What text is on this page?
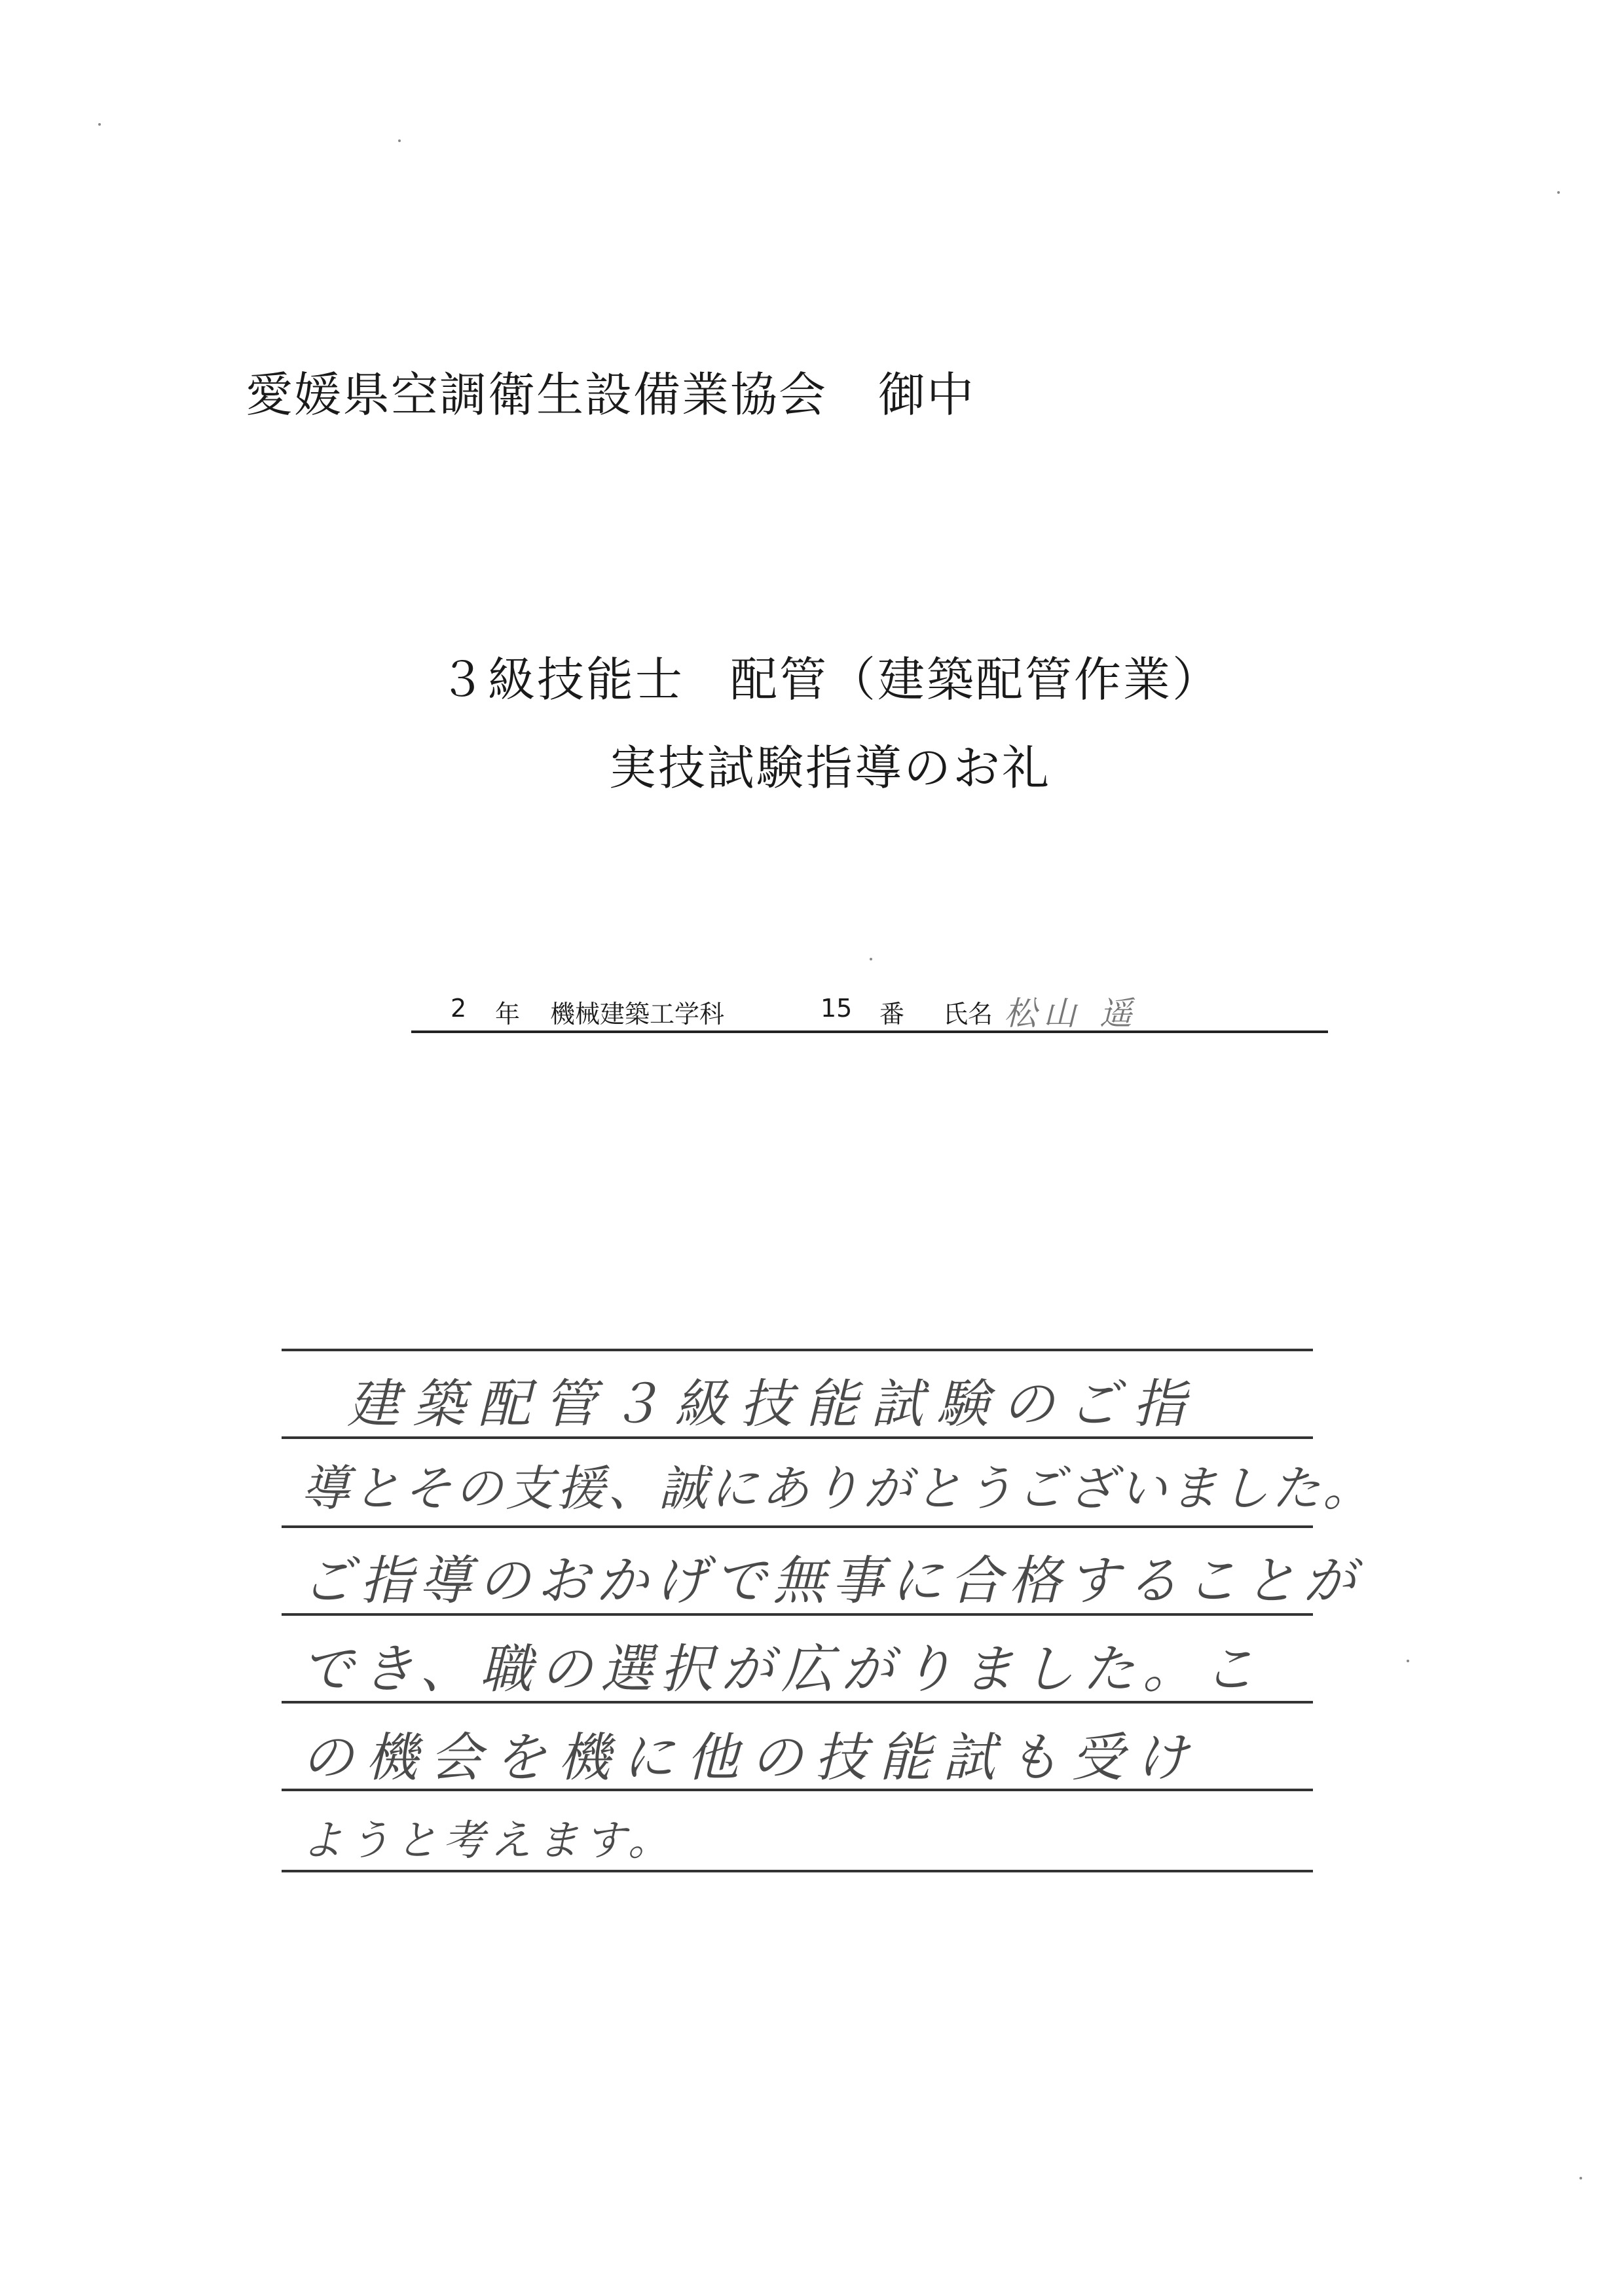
愛媛県空調衛生設備業協会 御中
３級技能士 配管（建築配管作業）
実技試験指導のお礼
2 年 機械建築工学科	15 番 氏名 松山 遥
建築配管３級技能試験のご指
導とその支援、誠にありがとうございました。
ご指導のおかげで無事に合格することが
でき、職の選択が広がりました。こ
の機会を機に他の技能試も受け
ようと考えます。
